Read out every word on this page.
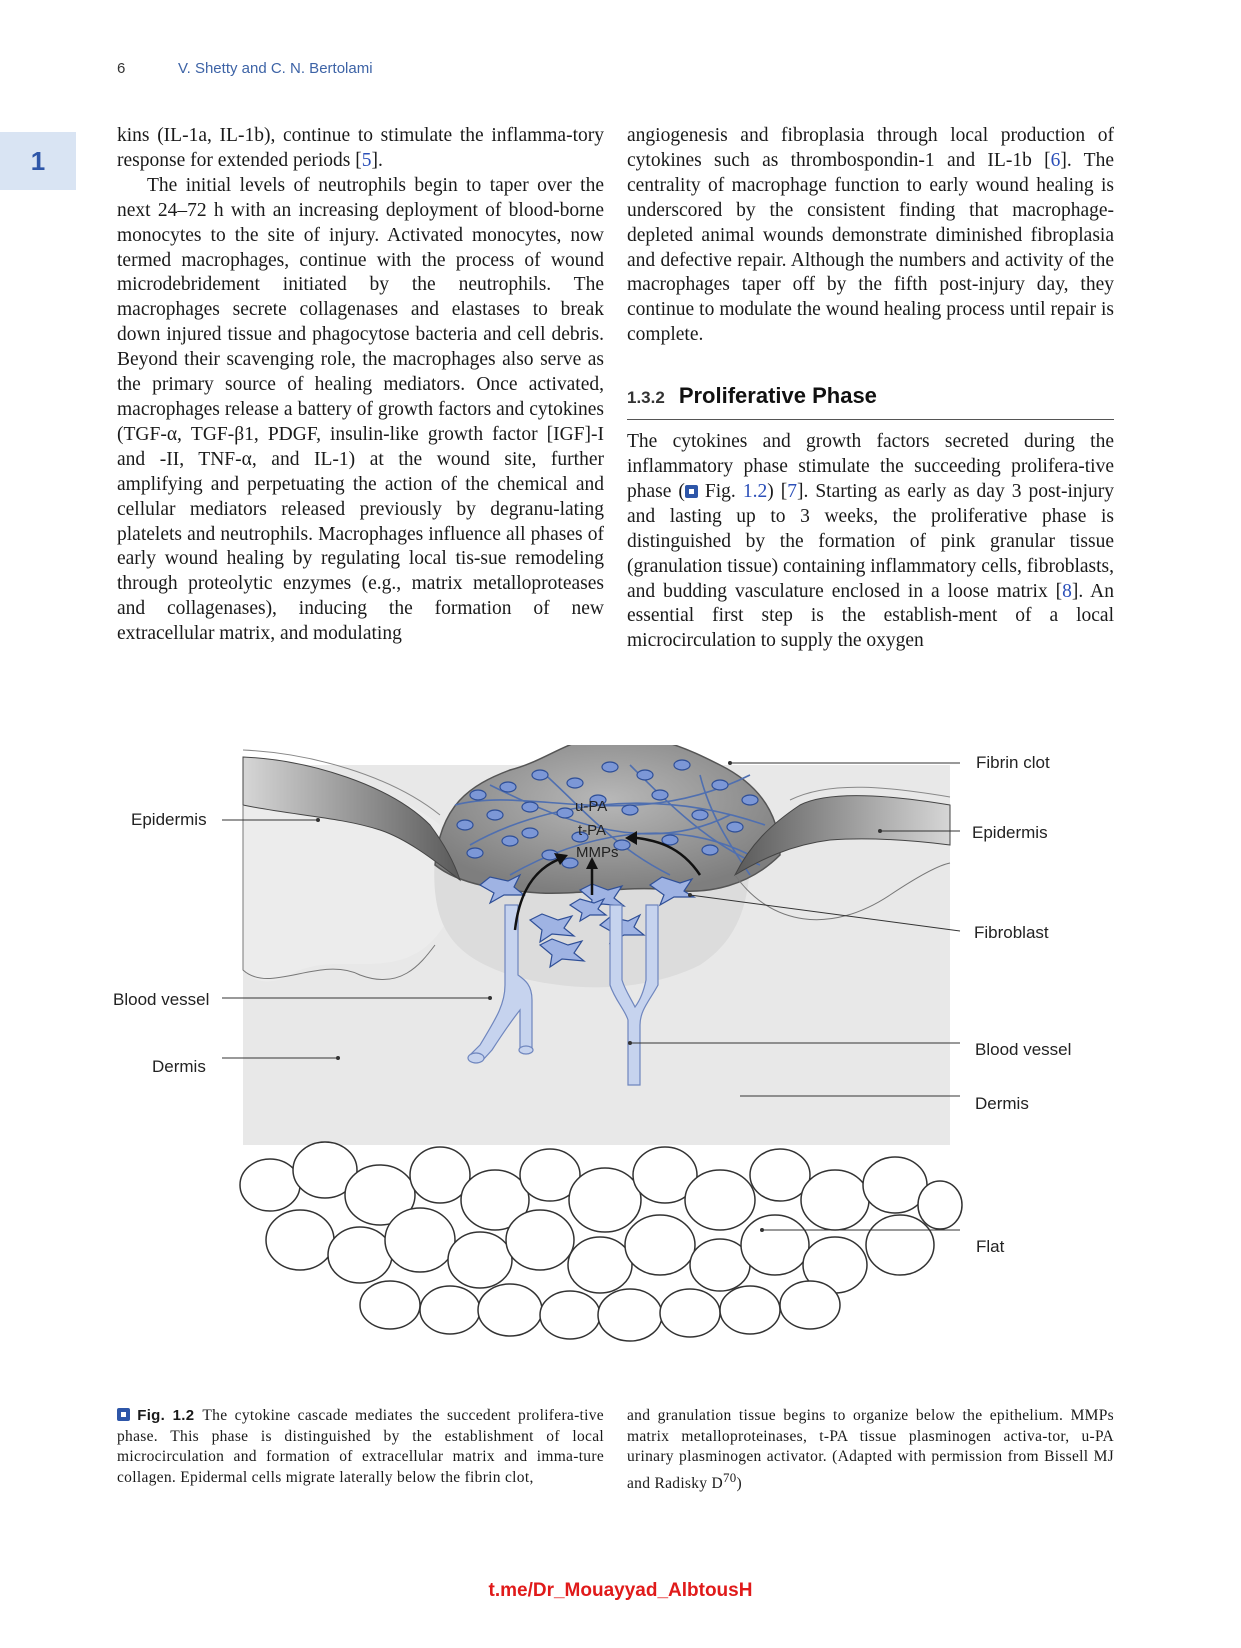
6	V. Shetty and C. N. Bertolami
1

kins (IL-1a, IL-1b), continue to stimulate the inflamma-tory response for extended periods [5].

The initial levels of neutrophils begin to taper over the next 24–72 h with an increasing deployment of blood-borne monocytes to the site of injury. Activated monocytes, now termed macrophages, continue with the process of wound microdebridement initiated by the neutrophils. The macrophages secrete collagenases and elastases to break down injured tissue and phagocytose bacteria and cell debris. Beyond their scavenging role, the macrophages also serve as the primary source of healing mediators. Once activated, macrophages release a battery of growth factors and cytokines (TGF-α, TGF-β1, PDGF, insulin-like growth factor [IGF]-I and -II, TNF-α, and IL-1) at the wound site, further amplifying and perpetuating the action of the chemical and cellular mediators released previously by degranu-lating platelets and neutrophils. Macrophages influence all phases of early wound healing by regulating local tis-sue remodeling through proteolytic enzymes (e.g., matrix metalloproteases and collagenases), inducing the formation of new extracellular matrix, and modulating

angiogenesis and fibroplasia through local production of cytokines such as thrombospondin-1 and IL-1b [6]. The centrality of macrophage function to early wound healing is underscored by the consistent finding that macrophage-depleted animal wounds demonstrate diminished fibroplasia and defective repair. Although the numbers and activity of the macrophages taper off by the fifth post-injury day, they continue to modulate the wound healing process until repair is complete.

1.3.2 Proliferative Phase

The cytokines and growth factors secreted during the inflammatory phase stimulate the succeeding prolifera-tive phase ( Fig. 1.2) [7]. Starting as early as day 3 post-injury and lasting up to 3 weeks, the proliferative phase is distinguished by the formation of pink granular tissue (granulation tissue) containing inflammatory cells, fibroblasts, and budding vasculature enclosed in a loose matrix [8]. An essential first step is the establish-ment of a local microcirculation to supply the oxygen

u-PA
t-PA
MMPs
Epidermis
Blood vessel
Dermis
Fibrin clot
Epidermis
Fibroblast
Blood vessel
Dermis
Flat

Fig. 1.2 The cytokine cascade mediates the succedent prolifera-tive phase. This phase is distinguished by the establishment of local microcirculation and formation of extracellular matrix and imma-ture collagen. Epidermal cells migrate laterally below the fibrin clot,

and granulation tissue begins to organize below the epithelium. MMPs matrix metalloproteinases, t-PA tissue plasminogen activa-tor, u-PA urinary plasminogen activator. (Adapted with permission from Bissell MJ and Radisky $D^{70}$)

t.me/Dr_Mouayyad_AlbtousH
